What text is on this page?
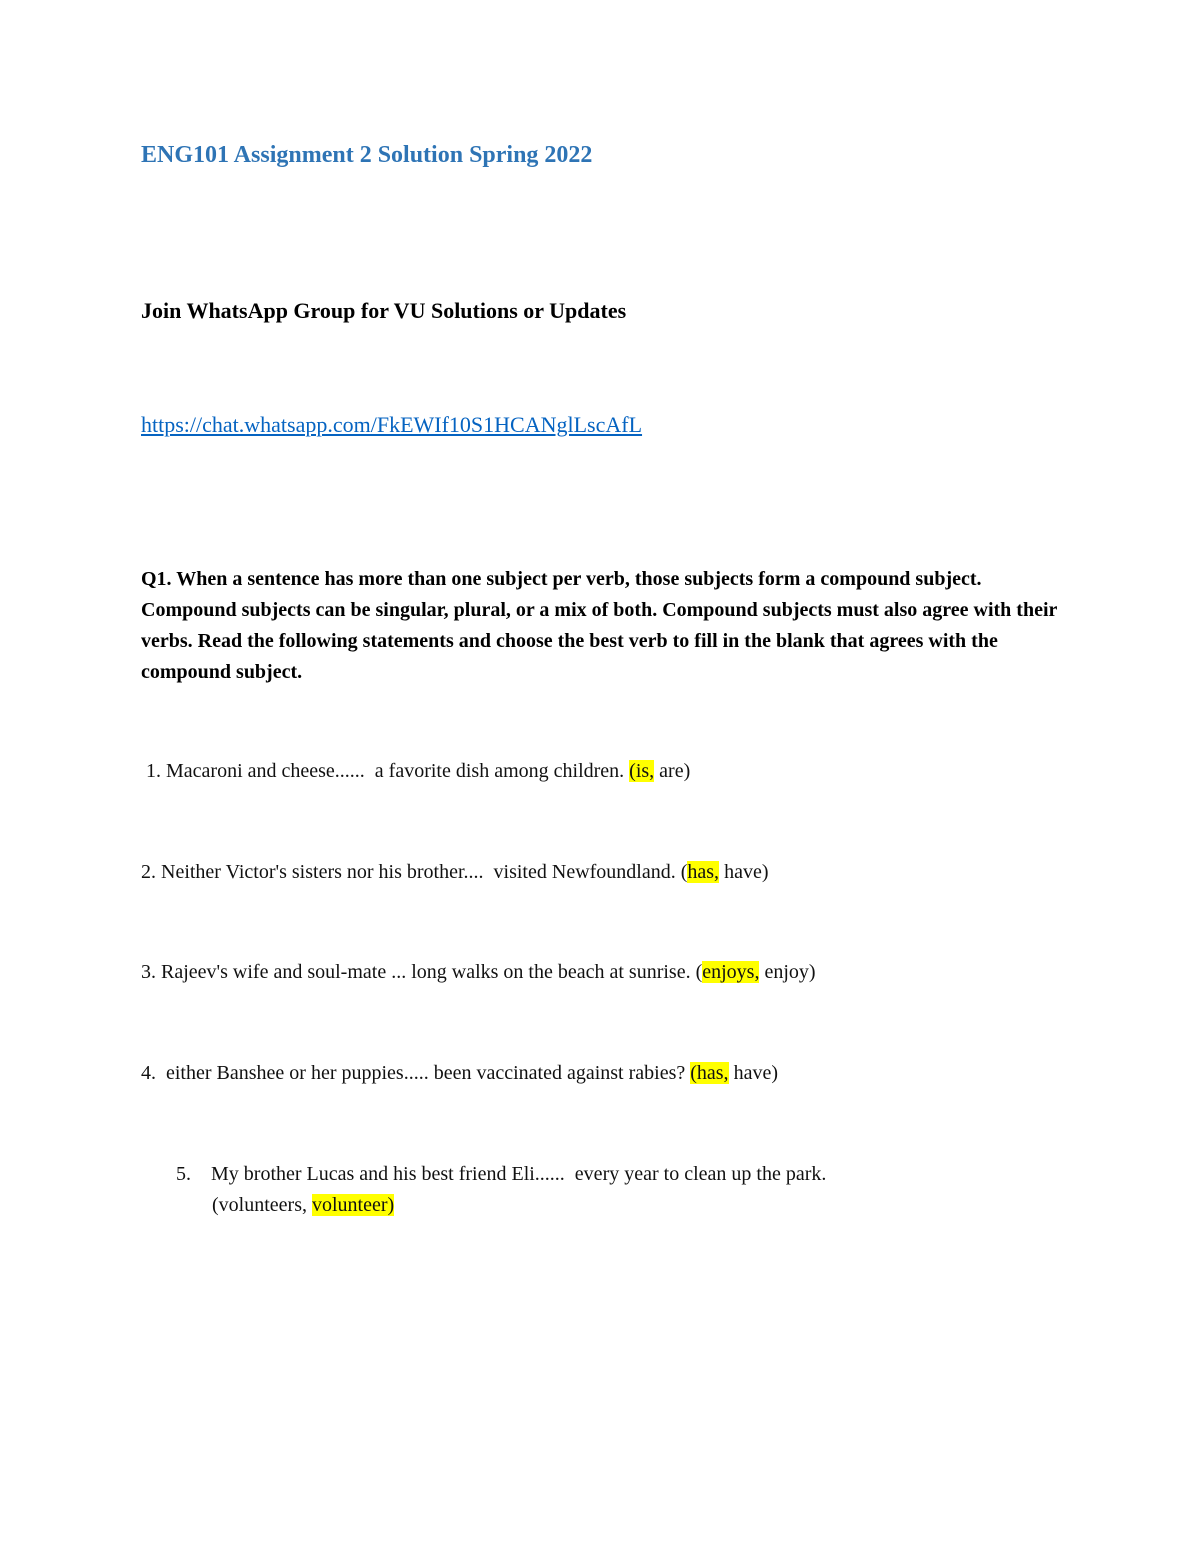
ENG101 Assignment 2 Solution Spring 2022
Join WhatsApp Group for VU Solutions or Updates
https://chat.whatsapp.com/FkEWIf10S1HCANglLscAfL

Q1. When a sentence has more than one subject per verb, those subjects form a compound subject. Compound subjects can be singular, plural, or a mix of both. Compound subjects must also agree with their verbs. Read the following statements and choose the best verb to fill in the blank that agrees with the compound subject.

1. Macaroni and cheese......  a favorite dish among children. (is, are)
2. Neither Victor's sisters nor his brother....  visited Newfoundland. (has, have)
3. Rajeev's wife and soul-mate ... long walks on the beach at sunrise. (enjoys, enjoy)
4.  either Banshee or her puppies..... been vaccinated against rabies? (has, have)
5.    My brother Lucas and his best friend Eli......  every year to clean up the park.
(volunteers, volunteer)
